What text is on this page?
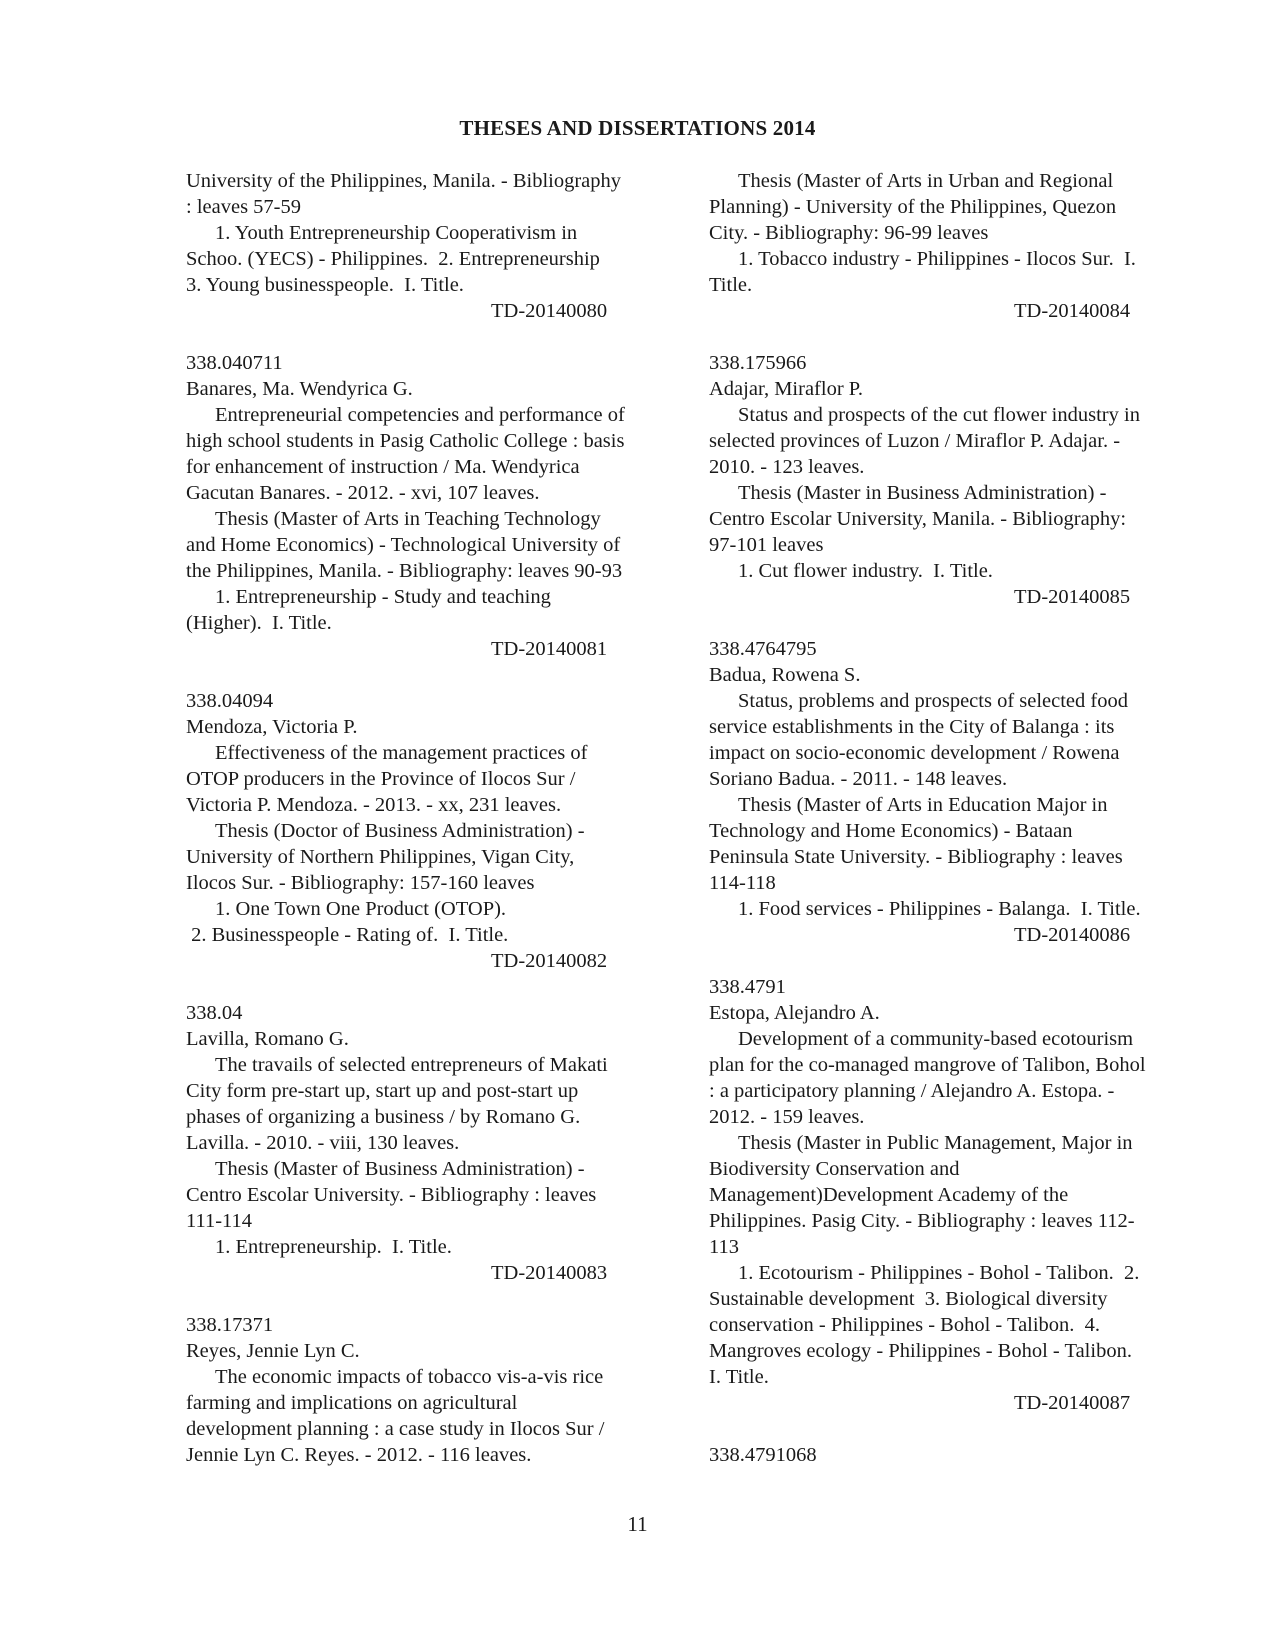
THESES AND DISSERTATIONS 2014
University of the Philippines, Manila. - Bibliography
: leaves 57-59
1. Youth Entrepreneurship Cooperativism in
Schoo. (YECS) - Philippines.  2. Entrepreneurship
3. Young businesspeople.  I. Title.
TD-20140080
338.040711
Banares, Ma. Wendyrica G.
Entrepreneurial competencies and performance of
high school students in Pasig Catholic College : basis
for enhancement of instruction / Ma. Wendyrica
Gacutan Banares. - 2012. - xvi, 107 leaves.
Thesis (Master of Arts in Teaching Technology
and Home Economics) - Technological University of
the Philippines, Manila. - Bibliography: leaves 90-93
1. Entrepreneurship - Study and teaching
(Higher).  I. Title.
TD-20140081
338.04094
Mendoza, Victoria P.
Effectiveness of the management practices of
OTOP producers in the Province of Ilocos Sur /
Victoria P. Mendoza. - 2013. - xx, 231 leaves.
Thesis (Doctor of Business Administration) -
University of Northern Philippines, Vigan City,
Ilocos Sur. - Bibliography: 157-160 leaves
1. One Town One Product (OTOP).
2. Businesspeople - Rating of.  I. Title.
TD-20140082
338.04
Lavilla, Romano G.
The travails of selected entrepreneurs of Makati
City form pre-start up, start up and post-start up
phases of organizing a business / by Romano G.
Lavilla. - 2010. - viii, 130 leaves.
Thesis (Master of Business Administration) -
Centro Escolar University. - Bibliography : leaves
111-114
1. Entrepreneurship.  I. Title.
TD-20140083
338.17371
Reyes, Jennie Lyn C.
The economic impacts of tobacco vis-a-vis rice
farming and implications on agricultural
development planning : a case study in Ilocos Sur /
Jennie Lyn C. Reyes. - 2012. - 116 leaves.
Thesis (Master of Arts in Urban and Regional
Planning) - University of the Philippines, Quezon
City. - Bibliography: 96-99 leaves
1. Tobacco industry - Philippines - Ilocos Sur.  I.
Title.
TD-20140084
338.175966
Adajar, Miraflor P.
Status and prospects of the cut flower industry in
selected provinces of Luzon / Miraflor P. Adajar. -
2010. - 123 leaves.
Thesis (Master in Business Administration) -
Centro Escolar University, Manila. - Bibliography:
97-101 leaves
1. Cut flower industry.  I. Title.
TD-20140085
338.4764795
Badua, Rowena S.
Status, problems and prospects of selected food
service establishments in the City of Balanga : its
impact on socio-economic development / Rowena
Soriano Badua. - 2011. - 148 leaves.
Thesis (Master of Arts in Education Major in
Technology and Home Economics) - Bataan
Peninsula State University. - Bibliography : leaves
114-118
1. Food services - Philippines - Balanga.  I. Title.
TD-20140086
338.4791
Estopa, Alejandro A.
Development of a community-based ecotourism
plan for the co-managed mangrove of Talibon, Bohol
: a participatory planning / Alejandro A. Estopa. -
2012. - 159 leaves.
Thesis (Master in Public Management, Major in
Biodiversity Conservation and
Management)Development Academy of the
Philippines. Pasig City. - Bibliography : leaves 112-
113
1. Ecotourism - Philippines - Bohol - Talibon.  2.
Sustainable development  3. Biological diversity
conservation - Philippines - Bohol - Talibon.  4.
Mangroves ecology - Philippines - Bohol - Talibon.
I. Title.
TD-20140087
338.4791068
11
